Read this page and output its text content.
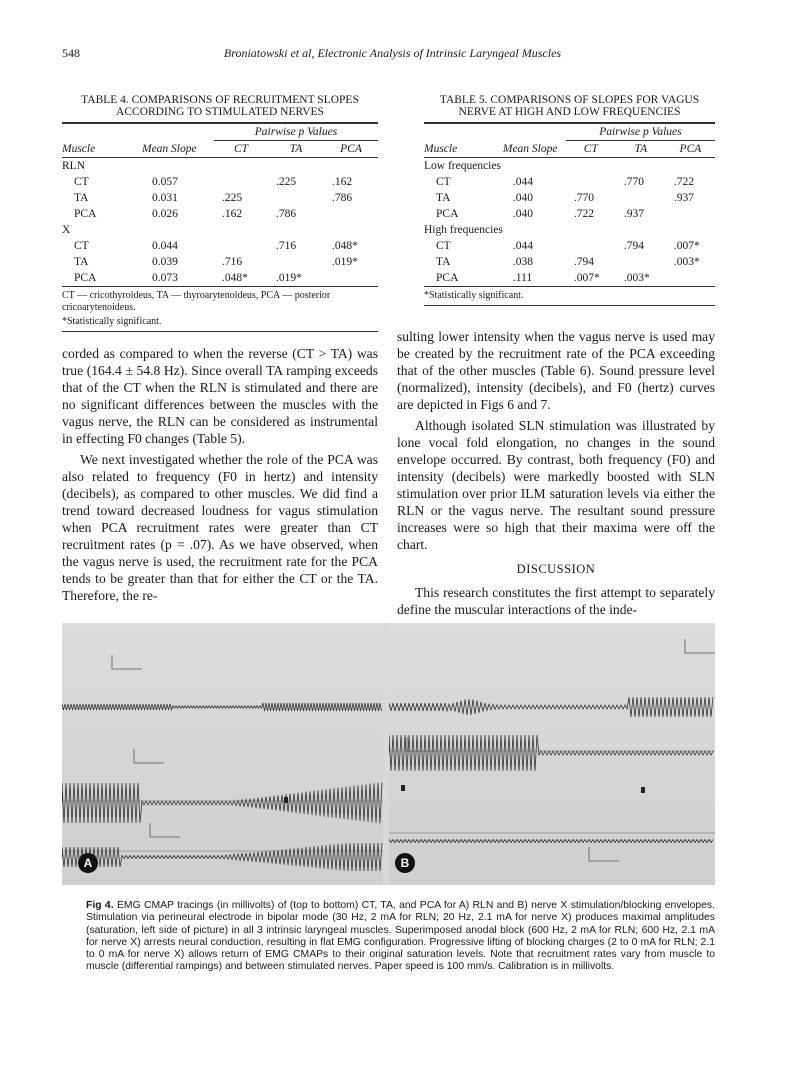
Broniatowski et al, Electronic Analysis of Intrinsic Laryngeal Muscles
548
TABLE 4. COMPARISONS OF RECRUITMENT SLOPES
ACCORDING TO STIMULATED NERVES
		Pairwise p Values		
Muscle	Mean Slope	CT	TA	PCA
RLN				
CT	0.057		.225	.162
TA	0.031	.225		.786
PCA	0.026	.162	.786	
X				
CT	0.044		.716	.048*
TA	0.039	.716		.019*
PCA	0.073	.048*	.019*	
CT — cricothyroideus, TA — thyroarytenoideus, PCA — posterior cricoarytenoideus.
*Statistically significant.
TABLE 5. COMPARISONS OF SLOPES FOR VAGUS
NERVE AT HIGH AND LOW FREQUENCIES
		Pairwise p Values		
Muscle	Mean Slope	CT	TA	PCA
Low frequencies				
CT	.044		.770	.722
TA	.040	.770		.937
PCA	.040	.722	.937	
High frequencies				
CT	.044		.794	.007*
TA	.038	.794		.003*
PCA	.111	.007*	.003*	
*Statistically significant.

corded as compared to when the reverse (CT > TA) was true (164.4 ± 54.8 Hz). Since overall TA ramping exceeds that of the CT when the RLN is stimulated and there are no significant differences between the muscles with the vagus nerve, the RLN can be considered as instrumental in effecting F0 changes (Table 5).

We next investigated whether the role of the PCA was also related to frequency (F0 in hertz) and intensity (decibels), as compared to other muscles. We did find a trend toward decreased loudness for vagus stimulation when PCA recruitment rates were greater than CT recruitment rates (p = .07). As we have observed, when the vagus nerve is used, the recruitment rate for the PCA tends to be greater than that for either the CT or the TA. Therefore, the re-

sulting lower intensity when the vagus nerve is used may be created by the recruitment rate of the PCA exceeding that of the other muscles (Table 6). Sound pressure level (normalized), intensity (decibels), and F0 (hertz) curves are depicted in Figs 6 and 7.

Although isolated SLN stimulation was illustrated by lone vocal fold elongation, no changes in the sound envelope occurred. By contrast, both frequency (F0) and intensity (decibels) were markedly boosted with SLN stimulation over prior ILM saturation levels via either the RLN or the vagus nerve. The resultant sound pressure increases were so high that their maxima were off the chart.

DISCUSSION

This research constitutes the first attempt to separately define the muscular interactions of the inde-

A	B
Fig 4. EMG CMAP tracings (in millivolts) of (top to bottom) CT, TA, and PCA for A) RLN and B) nerve X stimulation/blocking envelopes. Stimulation via perineural electrode in bipolar mode (30 Hz, 2 mA for RLN; 20 Hz, 2.1 mA for nerve X) produces maximal amplitudes (saturation, left side of picture) in all 3 intrinsic laryngeal muscles. Superimposed anodal block (600 Hz, 2 mA for RLN; 600 Hz, 2.1 mA for nerve X) arrests neural conduction, resulting in flat EMG configuration. Progressive lifting of blocking charges (2 to 0 mA for RLN; 2.1 to 0 mA for nerve X) allows return of EMG CMAPs to their original saturation levels. Note that recruitment rates vary from muscle to muscle (differential rampings) and between stimulated nerves. Paper speed is 100 mm/s. Calibration is in millivolts.
